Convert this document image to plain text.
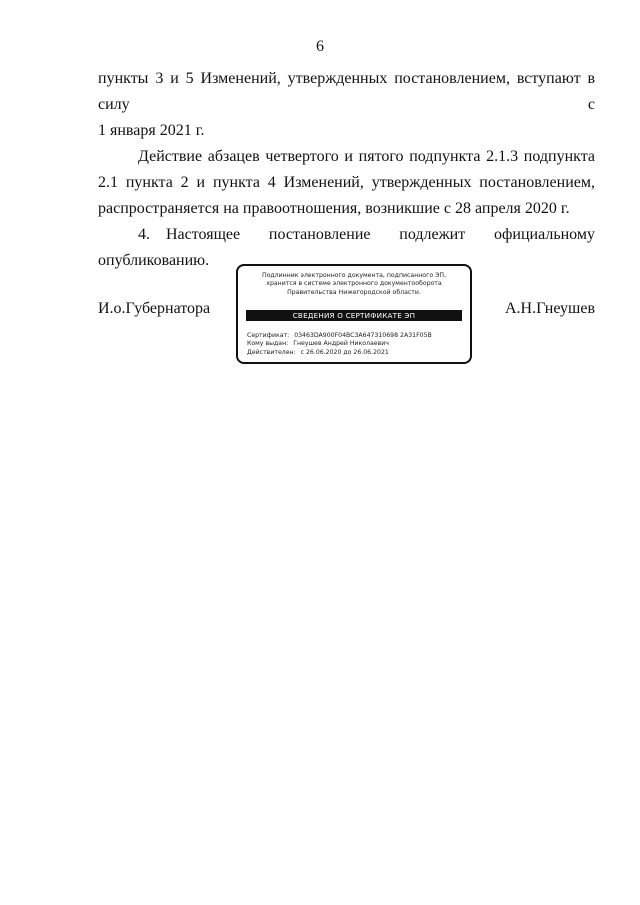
6

пункты 3 и 5 Изменений, утвержденных постановлением, вступают в силу с

1 января 2021 г.

Действие абзацев четвертого и пятого подпункта 2.1.3 подпункта 2.1 пункта 2 и пункта 4 Изменений, утвержденных постановлением, распространяется на правоотношения, возникшие с 28 апреля 2020 г.

4. Настоящее постановление подлежит официальному опубликованию.

И.о.Губернатора
Подлинник электронного документа, подписанного ЭП,
хранится в системе электронного документооборота
Правительства Нижегородской области.
СВЕДЕНИЯ О СЕРТИФИКАТЕ ЭП
Сертификат: 03463DA900F04BC3A647310698 2A31F05B
Кому выдан: Гнеушев Андрей Николаевич
Действителен: с 26.06.2020 до 26.06.2021
А.Н.Гнеушев
